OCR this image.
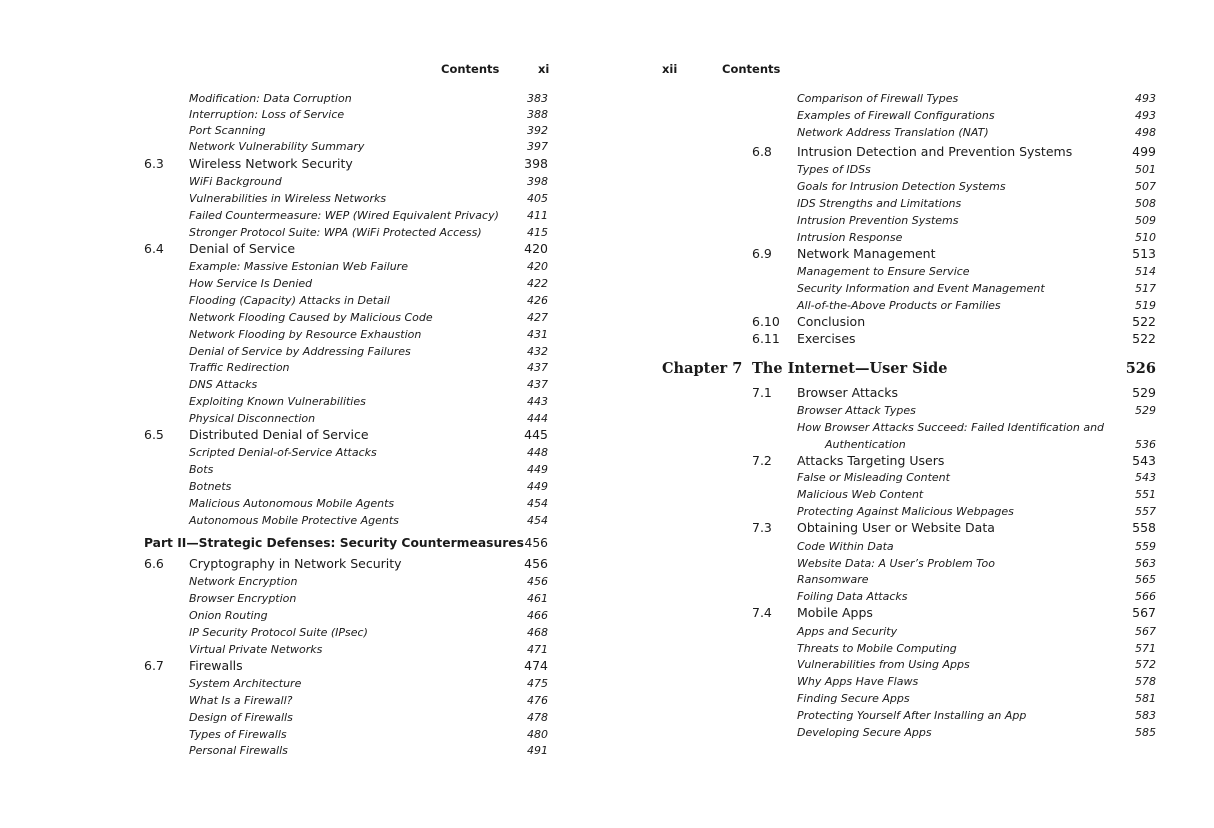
Contents	xi
Modification: Data Corruption	383
Interruption: Loss of Service	388
Port Scanning	392
Network Vulnerability Summary	397
6.3 Wireless Network Security	398
WiFi Background	398
Vulnerabilities in Wireless Networks	405
Failed Countermeasure: WEP (Wired Equivalent Privacy)	411
Stronger Protocol Suite: WPA (WiFi Protected Access)	415
6.4 Denial of Service	420
Example: Massive Estonian Web Failure	420
How Service Is Denied	422
Flooding (Capacity) Attacks in Detail	426
Network Flooding Caused by Malicious Code	427
Network Flooding by Resource Exhaustion	431
Denial of Service by Addressing Failures	432
Traffic Redirection	437
DNS Attacks	437
Exploiting Known Vulnerabilities	443
Physical Disconnection	444
6.5 Distributed Denial of Service	445
Scripted Denial-of-Service Attacks	448
Bots	449
Botnets	449
Malicious Autonomous Mobile Agents	454
Autonomous Mobile Protective Agents	454
Part II—Strategic Defenses: Security Countermeasures 456
6.6 Cryptography in Network Security	456
Network Encryption	456
Browser Encryption	461
Onion Routing	466
IP Security Protocol Suite (IPsec)	468
Virtual Private Networks	471
6.7 Firewalls	474
System Architecture	475
What Is a Firewall?	476
Design of Firewalls	478
Types of Firewalls	480
Personal Firewalls	491
xii	Contents
Comparison of Firewall Types	493
Examples of Firewall Configurations	493
Network Address Translation (NAT)	498
6.8 Intrusion Detection and Prevention Systems	499
Types of IDSs	501
Goals for Intrusion Detection Systems	507
IDS Strengths and Limitations	508
Intrusion Prevention Systems	509
Intrusion Response	510
6.9 Network Management	513
Management to Ensure Service	514
Security Information and Event Management	517
All-of-the-Above Products or Families	519
6.10 Conclusion	522
6.11 Exercises	522
Chapter 7 The Internet—User Side	526
7.1 Browser Attacks	529
Browser Attack Types	529
How Browser Attacks Succeed: Failed Identification and
Authentication	536
7.2 Attacks Targeting Users	543
False or Misleading Content	543
Malicious Web Content	551
Protecting Against Malicious Webpages	557
7.3 Obtaining User or Website Data	558
Code Within Data	559
Website Data: A User’s Problem Too	563
Ransomware	565
Foiling Data Attacks	566
7.4 Mobile Apps	567
Apps and Security	567
Threats to Mobile Computing	571
Vulnerabilities from Using Apps	572
Why Apps Have Flaws	578
Finding Secure Apps	581
Protecting Yourself After Installing an App	583
Developing Secure Apps	585
